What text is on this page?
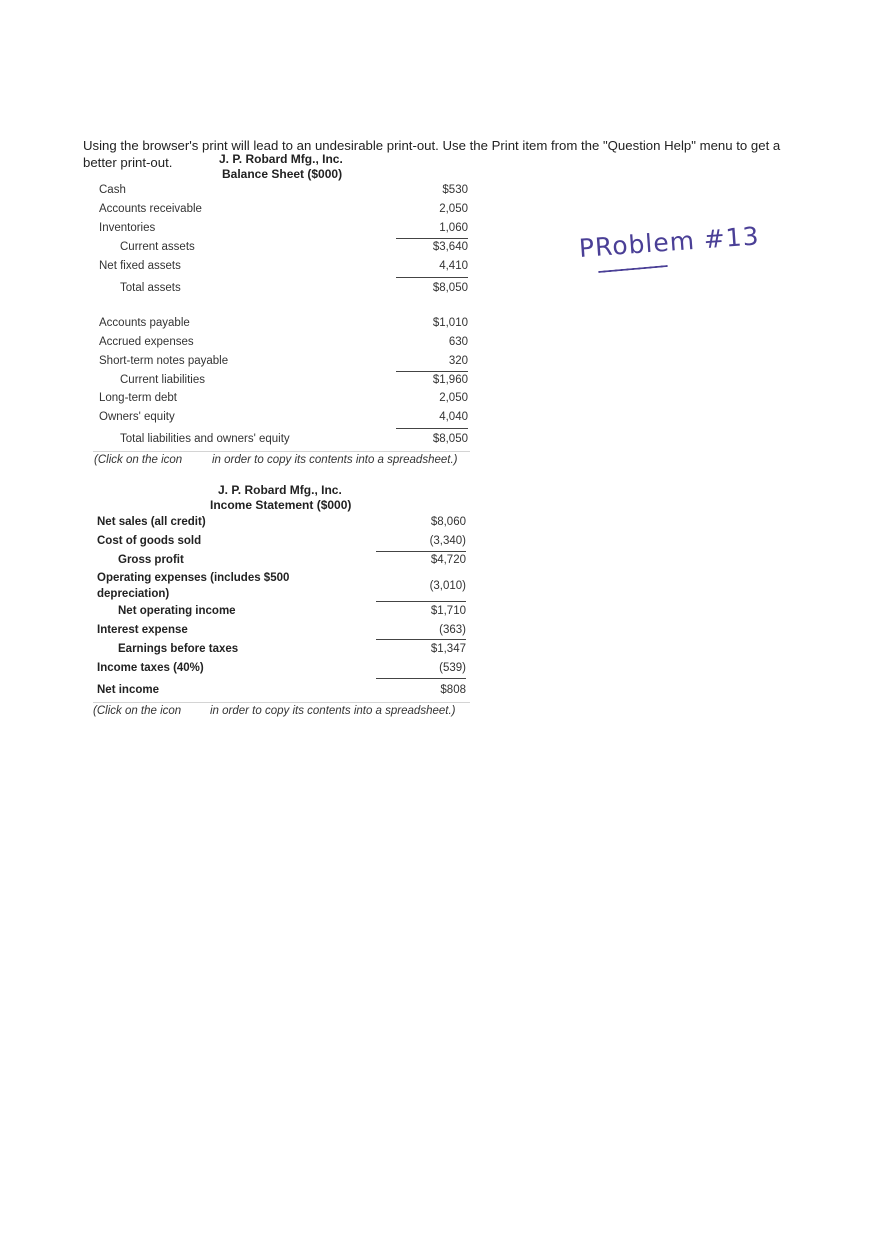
Using the browser's print will lead to an undesirable print-out. Use the Print item from the "Question Help" menu to get a better print-out.	J. P. Robard Mfg., Inc.
Balance Sheet ($000)
Cash	$530
Accounts receivable	2,050
Inventories	1,060
Current assets	$3,640
Net fixed assets	4,410
Total assets	$8,050
Accounts payable	$1,010
Accrued expenses	630
Short-term notes payable	320
Current liabilities	$1,960
Long-term debt	2,050
Owners' equity	4,040
Total liabilities and owners' equity	$8,050
(Click on the icon	in order to copy its contents into a spreadsheet.)
J. P. Robard Mfg., Inc.
Income Statement ($000)
Net sales (all credit)	$8,060
Cost of goods sold	(3,340)
Gross profit	$4,720
Operating expenses (includes $500
depreciation)
(3,010)
Net operating income	$1,710
Interest expense	(363)
Earnings before taxes	$1,347
Income taxes (40%)	(539)
Net income	$808
(Click on the icon	in order to copy its contents into a spreadsheet.)
PRoblem #13
